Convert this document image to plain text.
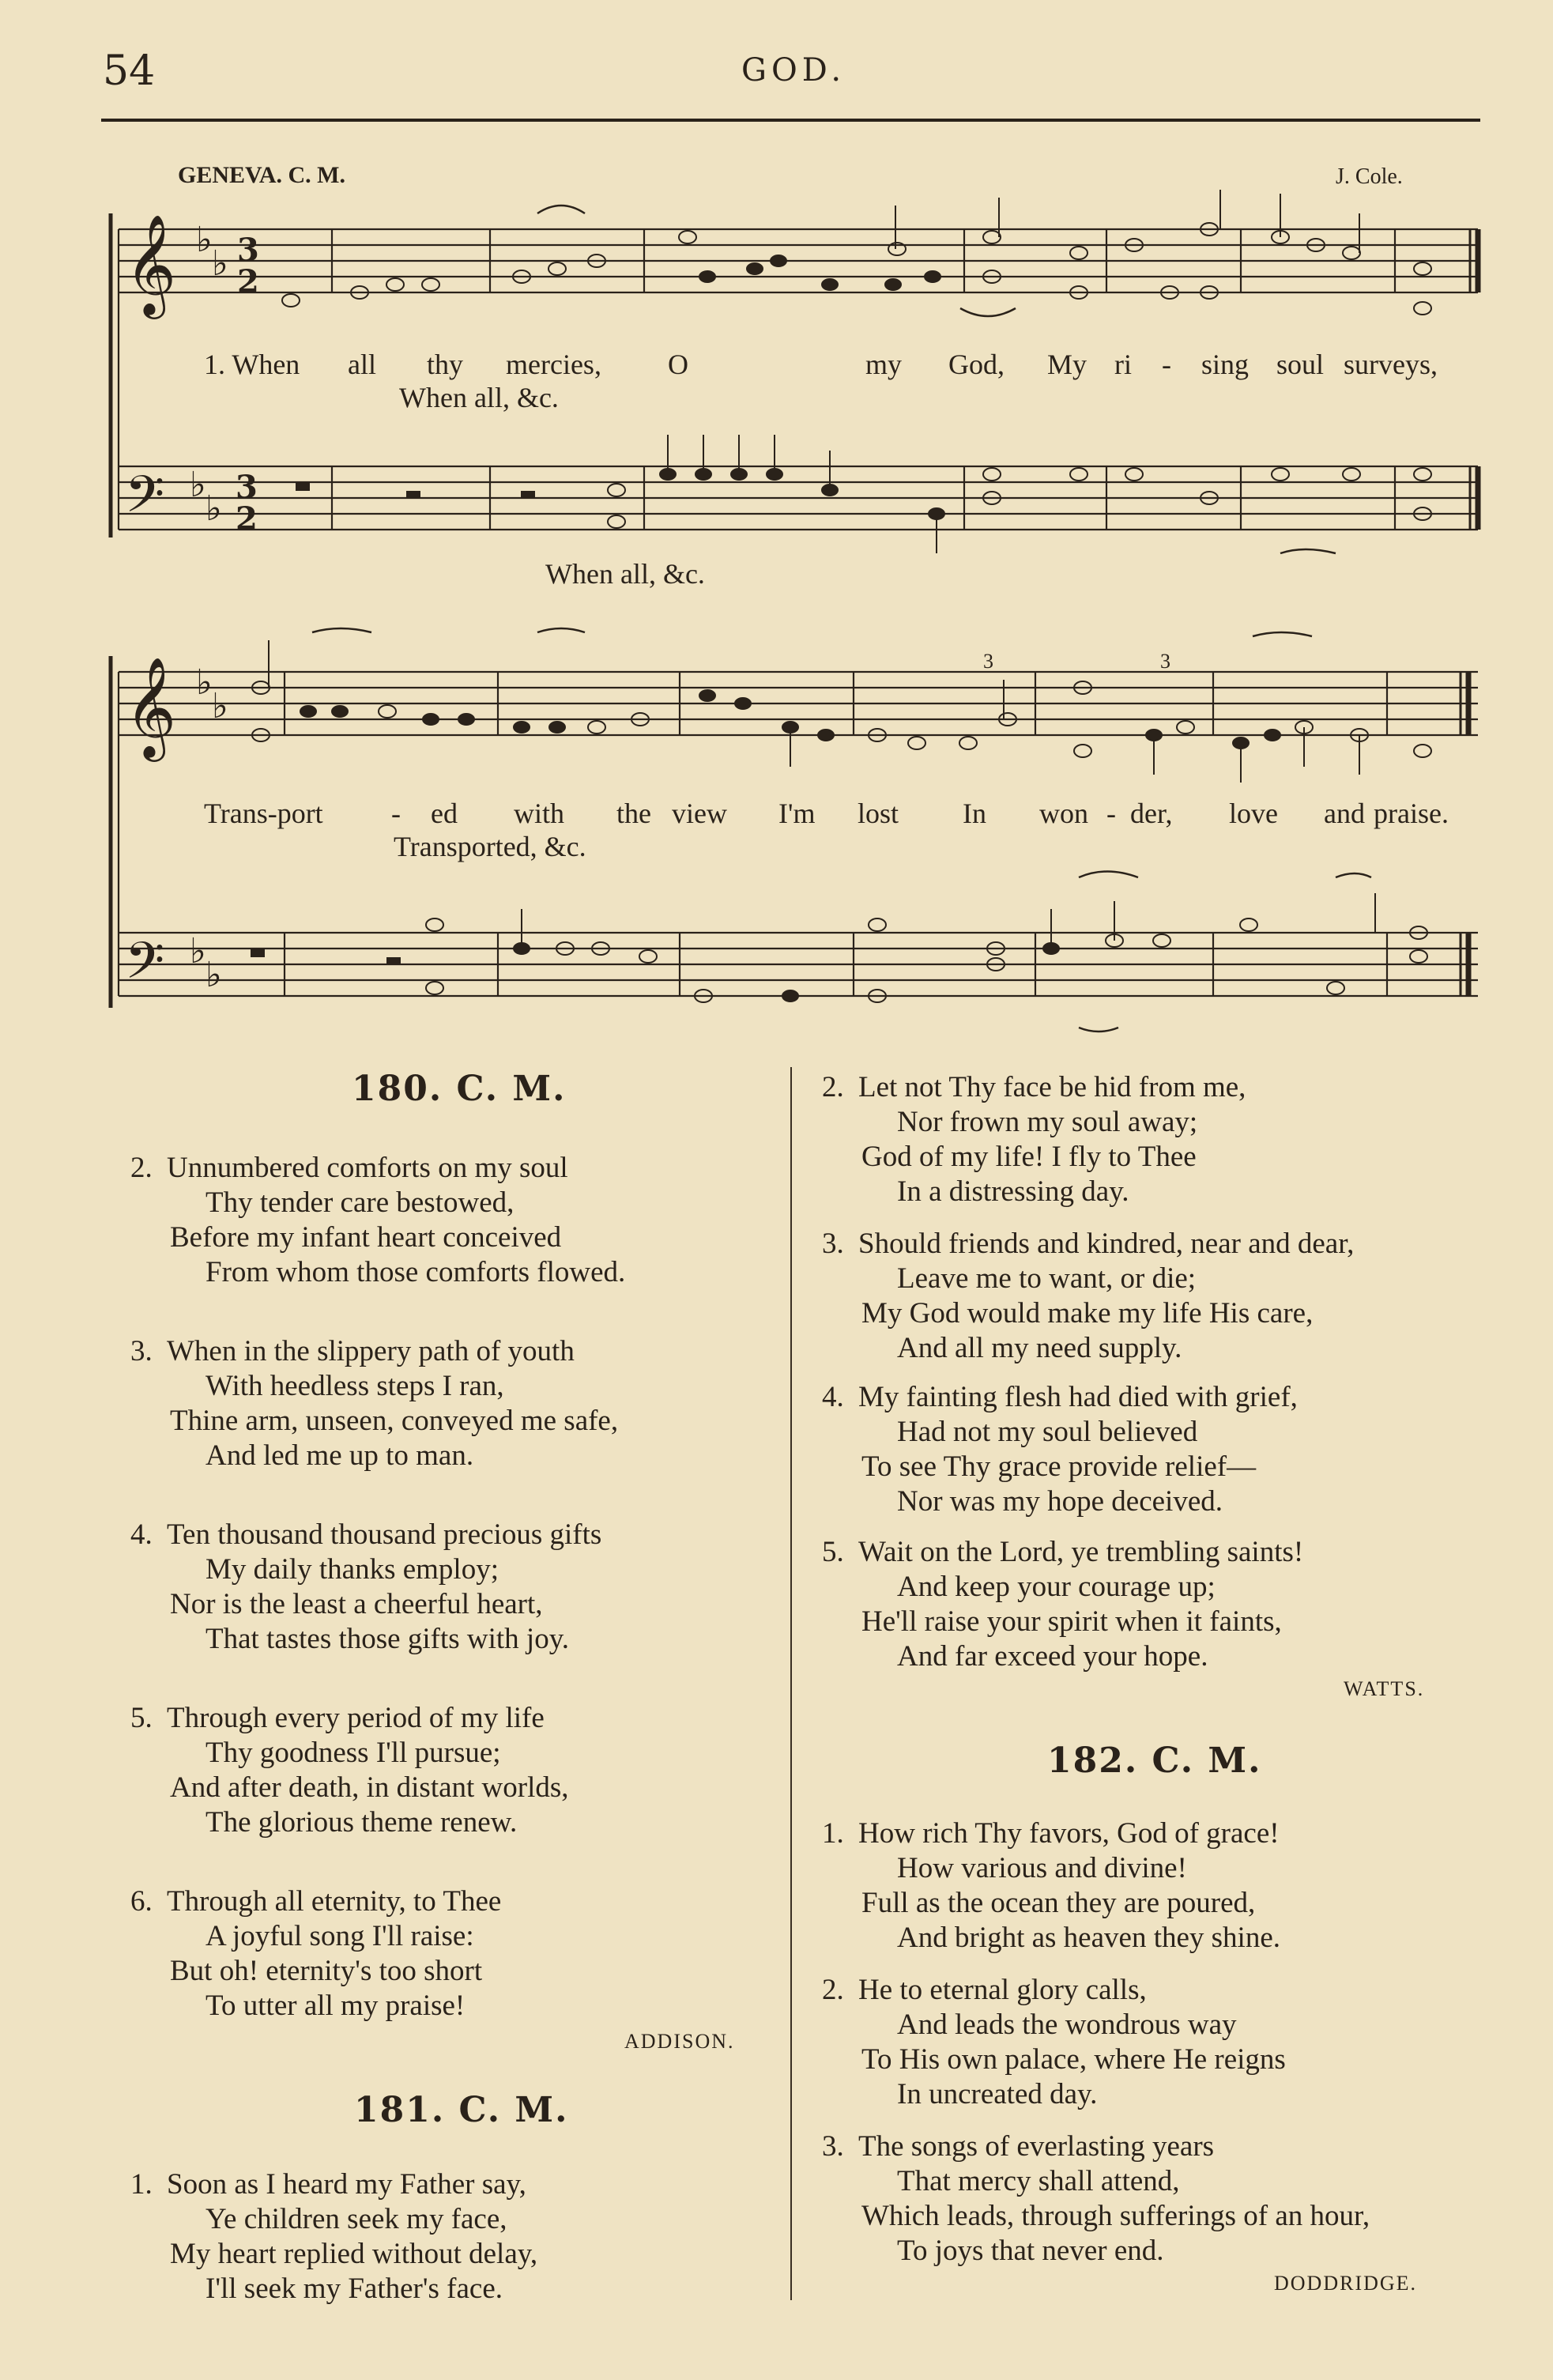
54	GOD.
GENEVA. C. M.	J. Cole.
𝄞
𝄢
𝄞
𝄢
♭
♭
♭
♭
♭
♭
♭
♭
3
2
3
2
3	3
1. When all thy mercies, O	my God, My ri - sing soul surveys,
When all, &c.
When all, &c.
Trans-port - ed with the view I'm lost In won - der, love and praise.
Transported, &c.
180. C. M.
2. Unnumbered comforts on my soul
Thy tender care bestowed,
Before my infant heart conceived
From whom those comforts flowed.
3. When in the slippery path of youth
With heedless steps I ran,
Thine arm, unseen, conveyed me safe,
And led me up to man.
4. Ten thousand thousand precious gifts
My daily thanks employ;
Nor is the least a cheerful heart,
That tastes those gifts with joy.
5. Through every period of my life
Thy goodness I'll pursue;
And after death, in distant worlds,
The glorious theme renew.
6. Through all eternity, to Thee
A joyful song I'll raise:
But oh! eternity's too short
To utter all my praise!
ADDISON.
181. C. M.
1. Soon as I heard my Father say,
Ye children seek my face,
My heart replied without delay,
I'll seek my Father's face.
2. Let not Thy face be hid from me,
Nor frown my soul away;
God of my life! I fly to Thee
In a distressing day.
3. Should friends and kindred, near and dear,
Leave me to want, or die;
My God would make my life His care,
And all my need supply.
4. My fainting flesh had died with grief,
Had not my soul believed
To see Thy grace provide relief—
Nor was my hope deceived.
5. Wait on the Lord, ye trembling saints!
And keep your courage up;
He'll raise your spirit when it faints,
And far exceed your hope.
WATTS.
182. C. M.
1. How rich Thy favors, God of grace!
How various and divine!
Full as the ocean they are poured,
And bright as heaven they shine.
2. He to eternal glory calls,
And leads the wondrous way
To His own palace, where He reigns
In uncreated day.
3. The songs of everlasting years
That mercy shall attend,
Which leads, through sufferings of an hour,
To joys that never end.
DODDRIDGE.
